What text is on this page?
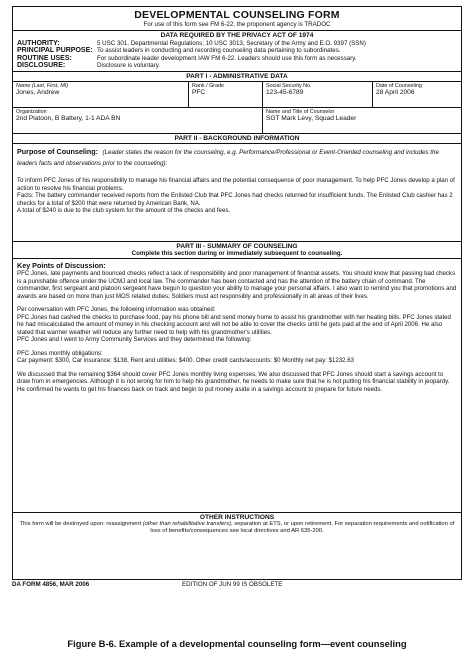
DEVELOPMENTAL COUNSELING FORM
For use of this form see FM 6-22; the proponent agency is TRADOC
DATA REQUIRED BY THE PRIVACY ACT OF 1974
AUTHORITY:	5 USC 301, Departmental Regulations; 10 USC 3013, Secretary of the Army and E.O. 9397 (SSN)
PRINCIPAL PURPOSE: To assist leaders in conducting and recording counseling data pertaining to subordinates.
ROUTINE USES:	For subordinate leader development IAW FM 6-22. Leaders should use this form as necessary.
DISCLOSURE:	Disclosure is voluntary.
PART I - ADMINISTRATIVE DATA
Name (Last, First, MI)
Jones, Andrew
Rank / Grade
PFC
Social Security No.
123-45-6789
Date of Counseling
28 April 2006
Organization
2nd Platoon, B Battery, 1-1 ADA BN
Name and Title of Counselor
SGT Mark Levy, Squad Leader
PART II - BACKGROUND INFORMATION
Purpose of Counseling: (Leader states the reason for the counseling, e.g. Performance/Professional or Event-Oriented counseling and includes the leaders facts and observations prior to the counseling):

To inform PFC Jones of his responsibility to manage his financial affairs and the potential consequence of poor management. To help PFC Jones develop a plan of action to resolve his financial problems.

Facts: The battery commander received reports from the Enlisted Club that PFC Jones had checks returned for insufficient funds. The Enlisted Club cashier has 2 checks for a total of $200 that were returned by American Bank, NA.

A total of $240 is due to the club system for the amount of the checks and fees.

PART III - SUMMARY OF COUNSELING
Complete this section during or immediately subsequent to counseling.
Key Points of Discussion:

PFC Jones, late payments and bounced checks reflect a lack of responsibility and poor management of financial assets. You should know that passing bad checks is a punishable offence under the UCMJ and local law. The commander has been contacted and has the attention of the battery chain of command. The commander, first sergeant and platoon sergeant have begun to question your ability to manage your personal affairs. I also want to remind you that promotions and awards are based on more than just MOS related duties; Soldiers must act responsibly and professionally in all areas of their lives.

Per conversation with PFC Jones, the following information was obtained:

PFC Jones had cashed the checks to purchase food, pay his phone bill and send money home to assist his grandmother with her heating bills. PFC Jones stated he had miscalculated the amount of money in his checking account and will not be able to cover the checks until he gets paid at the end of April 2006. He also stated that warmer weather will reduce any further need to help with his grandmother's utilities.

PFC Jones and I went to Army Community Services and they determined the following:

PFC Jones monthly obligations:

Car payment: $300, Car insurance: $138, Rent and utilities: $400. Other credit cards/accounts: $0 Monthly net pay: $1232.63

We discussed that the remaining $364 should cover PFC Jones monthly living expenses. We also discussed that PFC Jones should start a savings account to draw from in emergencies. Although it is not wrong for him to help his grandmother, he needs to make sure that he is not putting his financial stability in jeopardy. He confirmed he wants to get his finances back on track and begin to put money aside in a savings account to prepare for future needs.

OTHER INSTRUCTIONS
This form will be destroyed upon: reassignment (other than rehabilitative transfers), separation at ETS, or upon retirement. For separation requirements and notification of loss of benefits/consequences see local directives and AR 635-200.
DA FORM 4856, MAR 2006	EDITION OF JUN 99 IS OBSOLETE
Figure B-6. Example of a developmental counseling form—event counseling
